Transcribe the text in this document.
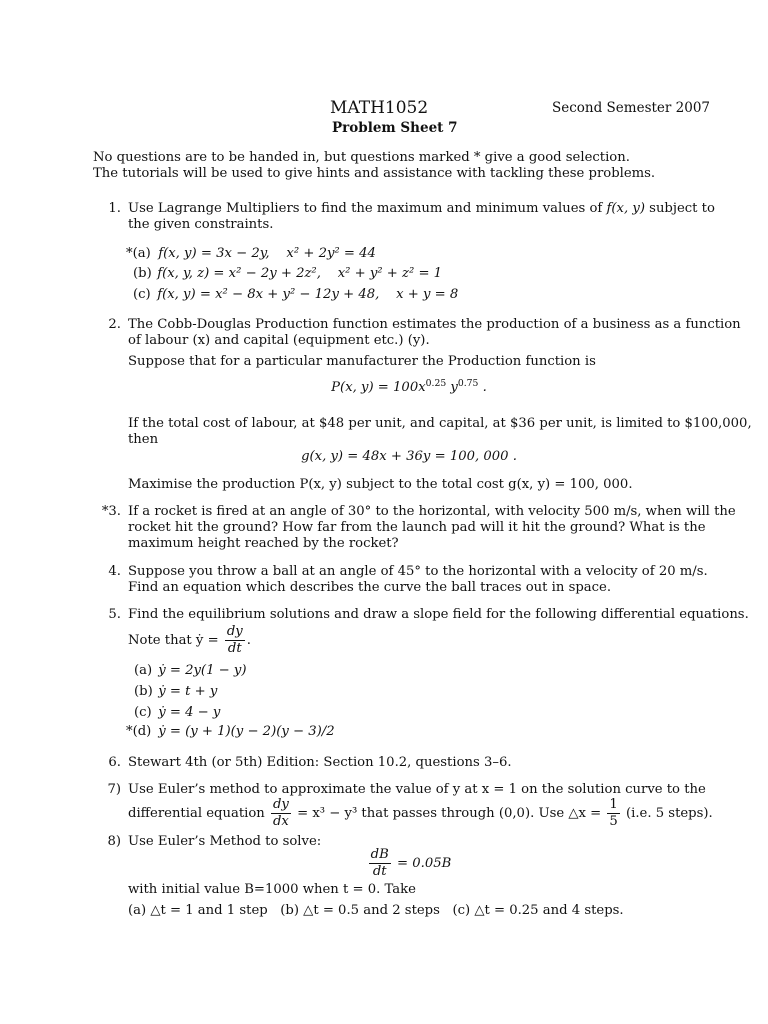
MATH1052	Second Semester 2007
Problem Sheet 7
No questions are to be handed in, but questions marked * give a good selection.
The tutorials will be used to give hints and assistance with tackling these problems.
1. Use Lagrange Multipliers to find the maximum and minimum values of f(x, y) subject to
the given constraints.
*(a) f(x, y) = 3x − 2y, x² + 2y² = 44
(b) f(x, y, z) = x² − 2y + 2z², x² + y² + z² = 1
(c) f(x, y) = x² − 8x + y² − 12y + 48, x + y = 8
2. The Cobb-Douglas Production function estimates the production of a business as a function
of labour (x) and capital (equipment etc.) (y).
Suppose that for a particular manufacturer the Production function is
P(x, $y) = 100x^{0.25}$ $y^{0.75}$ .
If the total cost of labour, at $48 per unit, and capital, at $36 per unit, is limited to $100,000,
then
g(x, y) = 48x + 36y = 100, 000 .
Maximise the production P(x, y) subject to the total cost g(x, y) = 100, 000.
*3. If a rocket is fired at an angle of 30° to the horizontal, with velocity 500 m/s, when will the
rocket hit the ground? How far from the launch pad will it hit the ground? What is the
maximum height reached by the rocket?
4. Suppose you throw a ball at an angle of 45° to the horizontal with a velocity of 20 m/s.
Find an equation which describes the curve the ball traces out in space.
5. Find the equilibrium solutions and draw a slope field for the following differential equations.
Note that ẏ = $\frac{dy}{dt}$ .
(a) ẏ = 2y(1 − y)
(b) ẏ = t + y
(c) ẏ = 4 − y
*(d) ẏ = (y + 1)(y − 2)(y − 3)/2
6. Stewart 4th (or 5th) Edition: Section 10.2, questions 3–6.
7) Use Euler’s method to approximate the value of y at x = 1 on the solution curve to the
differential equation $\frac{dy}{dx} = x^3 - y^3$ that passes through (0,0). Use △x = $\frac{1}{5} (i.e$. 5 steps).
8) Use Euler’s Method to solve:
$\frac{dB}{dt} = 0.05B$
with initial value B=1000 when t = 0. Take
(a) △t = 1 and 1 step   (b) △t = 0.5 and 2 steps   (c) △t = 0.25 and 4 steps.
